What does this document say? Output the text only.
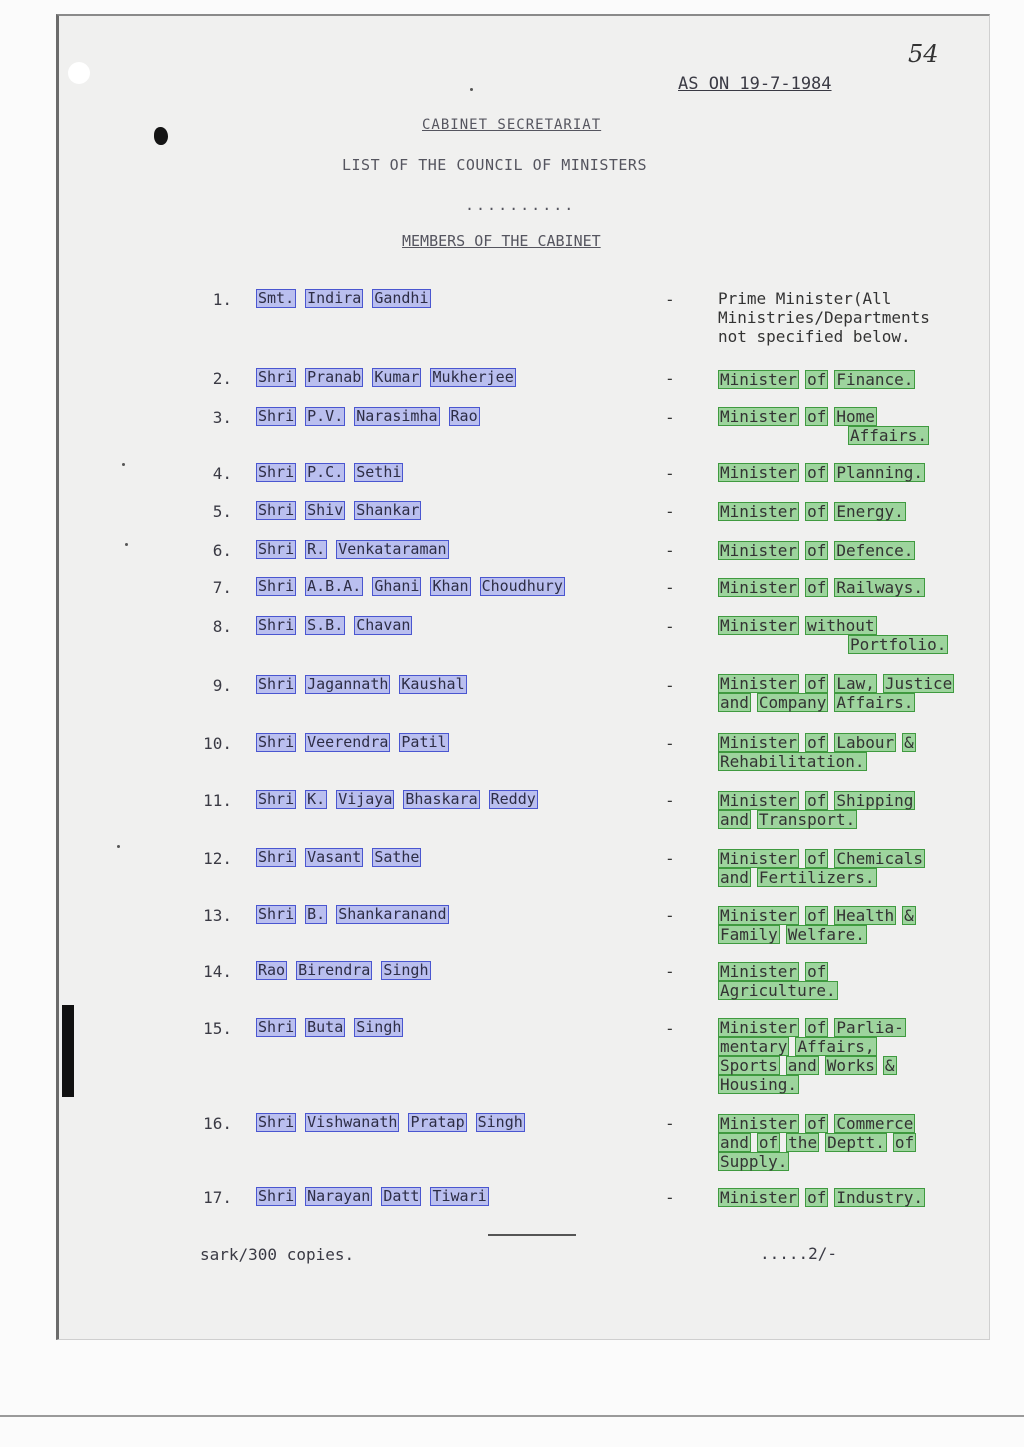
54
AS ON 19-7-1984
CABINET SECRETARIAT
LIST OF THE COUNCIL OF MINISTERS
..........
MEMBERS OF THE CABINET
1. Smt. Indira Gandhi	-	Prime Minister(All
Ministries/Departments
not specified below.
2. Shri Pranab Kumar Mukherjee	-	Minister of Finance.
3. Shri P.V. Narasimha Rao	-	Minister of Home
Affairs.
4. Shri P.C. Sethi	-	Minister of Planning.
5. Shri Shiv Shankar	-	Minister of Energy.
6. Shri R. Venkataraman	-	Minister of Defence.
7. Shri A.B.A. Ghani Khan Choudhury	-	Minister of Railways.
8. Shri S.B. Chavan	-	Minister without
Portfolio.
9. Shri Jagannath Kaushal	-	Minister of Law, Justice
and Company Affairs.
10. Shri Veerendra Patil	-	Minister of Labour &
Rehabilitation.
11. Shri K. Vijaya Bhaskara Reddy	-	Minister of Shipping
and Transport.
12. Shri Vasant Sathe	-	Minister of Chemicals
and Fertilizers.
13. Shri B. Shankaranand	-	Minister of Health &
Family Welfare.
14. Rao Birendra Singh	-	Minister of
Agriculture.
15. Shri Buta Singh	-	Minister of Parlia-
mentary Affairs,
Sports and Works &
Housing.
16. Shri Vishwanath Pratap Singh	-	Minister of Commerce
and of the Deptt. of
Supply.
17. Shri Narayan Datt Tiwari	-	Minister of Industry.
sark/300 copies.	.....2/-
